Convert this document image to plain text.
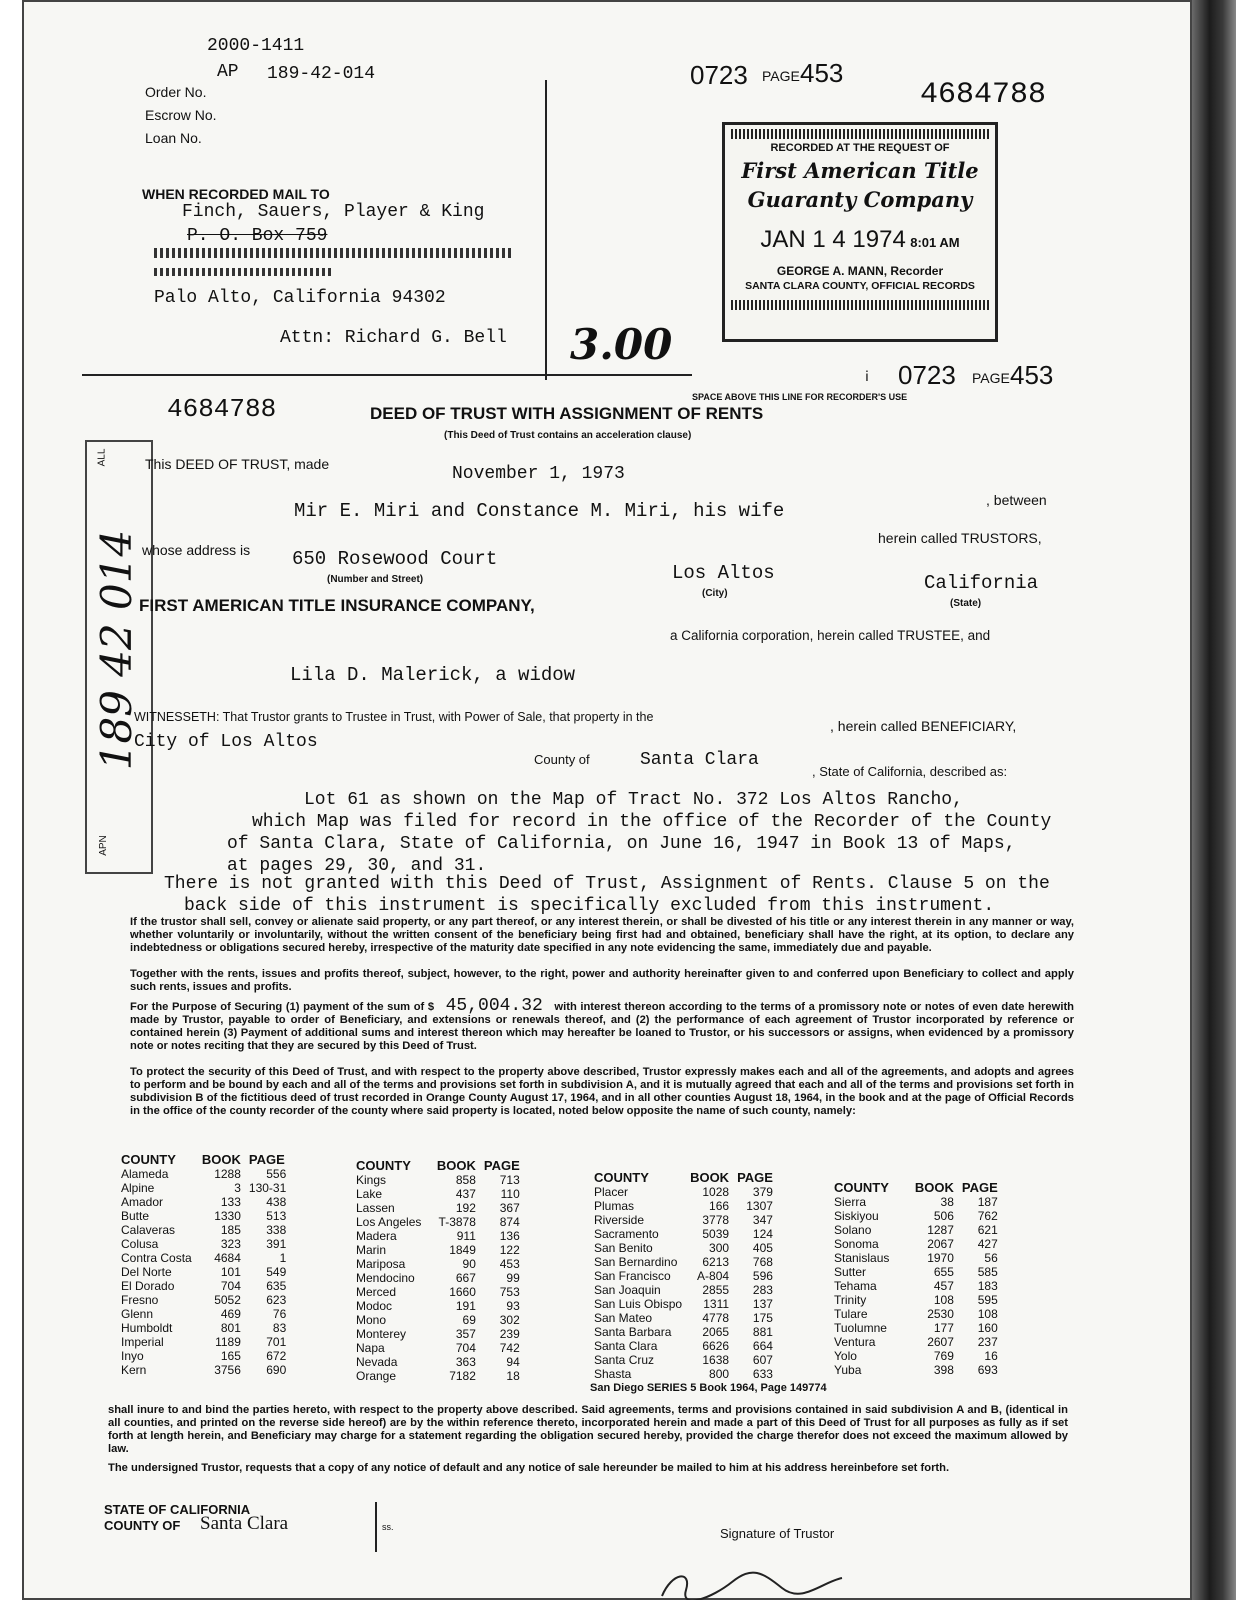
2000-1411
AP 189-42-014
Order No.
Escrow No.
Loan No.
0723 PAGE 453
4684788
WHEN RECORDED MAIL TO
Finch, Sauers, Player & King
P. O. Box 759
Palo Alto, California 94302
Attn: Richard G. Bell 3.00
RECORDED AT THE REQUEST OF
First American Title
Guaranty Company
JAN 1 4 1974 8:01 AM
GEORGE A. MANN, Recorder
SANTA CLARA COUNTY, OFFICIAL RECORDS
ⅰ 0723 PAGE 453
SPACE ABOVE THIS LINE FOR RECORDER'S USE
ALL
APN
189 42 014
4684788	DEED OF TRUST WITH ASSIGNMENT OF RENTS
(This Deed of Trust contains an acceleration clause)
This DEED OF TRUST, made	November 1, 1973
, between
Mir E. Miri and Constance M. Miri, his wife
herein called TRUSTORS,
whose address is 650 Rosewood Court
(Number and Street)	Los Altos
(City)	California
(State)
FIRST AMERICAN TITLE INSURANCE COMPANY,
a California corporation, herein called TRUSTEE, and
Lila D. Malerick, a widow
, herein called BENEFICIARY,
WITNESSETH: That Trustor grants to Trustee in Trust, with Power of Sale, that property in the
City of Los Altos
County of	Santa Clara
, State of California, described as:
Lot 61 as shown on the Map of Tract No. 372 Los Altos Rancho,
which Map was filed for record in the office of the Recorder of the County
of Santa Clara, State of California, on June 16, 1947 in Book 13 of Maps,
at pages 29, 30, and 31.
There is not granted with this Deed of Trust, Assignment of Rents. Clause 5 on the
back side of this instrument is specifically excluded from this instrument.
If the trustor shall sell, convey or alienate said property, or any part thereof, or any interest therein, or shall be divested of his title or any interest therein in any manner or way, whether voluntarily or involuntarily, without the written consent of the beneficiary being first had and obtained, beneficiary shall have the right, at its option, to declare any indebtedness or obligations secured hereby, irrespective of the maturity date specified in any note evidencing the same, immediately due and payable.
Together with the rents, issues and profits thereof, subject, however, to the right, power and authority hereinafter given to and conferred upon Beneficiary to collect and apply such rents, issues and profits.
For the Purpose of Securing (1) payment of the sum of $ 45,004.32 with interest thereon according to the terms of a promissory note or notes of even date herewith made by Trustor, payable to order of Beneficiary, and extensions or renewals thereof, and (2) the performance of each agreement of Trustor incorporated by reference or contained herein (3) Payment of additional sums and interest thereon which may hereafter be loaned to Trustor, or his successors or assigns, when evidenced by a promissory note or notes reciting that they are secured by this Deed of Trust.
To protect the security of this Deed of Trust, and with respect to the property above described, Trustor expressly makes each and all of the agreements, and adopts and agrees to perform and be bound by each and all of the terms and provisions set forth in subdivision A, and it is mutually agreed that each and all of the terms and provisions set forth in subdivision B of the fictitious deed of trust recorded in Orange County August 17, 1964, and in all other counties August 18, 1964, in the book and at the page of Official Records in the office of the county recorder of the county where said property is located, noted below opposite the name of such county, namely:
COUNTY	BOOK	PAGE
Alameda	1288	556
Alpine	3	130-31
Amador	133	438
Butte	1330	513
Calaveras	185	338
Colusa	323	391
Contra Costa	4684	1
Del Norte	101	549
El Dorado	704	635
Fresno	5052	623
Glenn	469	76
Humboldt	801	83
Imperial	1189	701
Inyo	165	672
Kern	3756	690
COUNTY	BOOK	PAGE
Kings	858	713
Lake	437	110
Lassen	192	367
Los Angeles	T-3878	874
Madera	911	136
Marin	1849	122
Mariposa	90	453
Mendocino	667	99
Merced	1660	753
Modoc	191	93
Mono	69	302
Monterey	357	239
Napa	704	742
Nevada	363	94
Orange	7182	18
COUNTY	BOOK	PAGE
Placer	1028	379
Plumas	166	1307
Riverside	3778	347
Sacramento	5039	124
San Benito	300	405
San Bernardino	6213	768
San Francisco	A-804	596
San Joaquin	2855	283
San Luis Obispo	1311	137
San Mateo	4778	175
Santa Barbara	2065	881
Santa Clara	6626	664
Santa Cruz	1638	607
Shasta	800	633
San Diego SERIES 5 Book 1964, Page 149774
COUNTY	BOOK	PAGE
Sierra	38	187
Siskiyou	506	762
Solano	1287	621
Sonoma	2067	427
Stanislaus	1970	56
Sutter	655	585
Tehama	457	183
Trinity	108	595
Tulare	2530	108
Tuolumne	177	160
Ventura	2607	237
Yolo	769	16
Yuba	398	693
shall inure to and bind the parties hereto, with respect to the property above described. Said agreements, terms and provisions contained in said subdivision A and B, (identical in all counties, and printed on the reverse side hereof) are by the within reference thereto, incorporated herein and made a part of this Deed of Trust for all purposes as fully as if set forth at length herein, and Beneficiary may charge for a statement regarding the obligation secured hereby, provided the charge therefor does not exceed the maximum allowed by law.
The undersigned Trustor, requests that a copy of any notice of default and any notice of sale hereunder be mailed to him at his address hereinbefore set forth.
STATE OF CALIFORNIA
COUNTY OF Santa Clara	ss.	Signature of Trustor
